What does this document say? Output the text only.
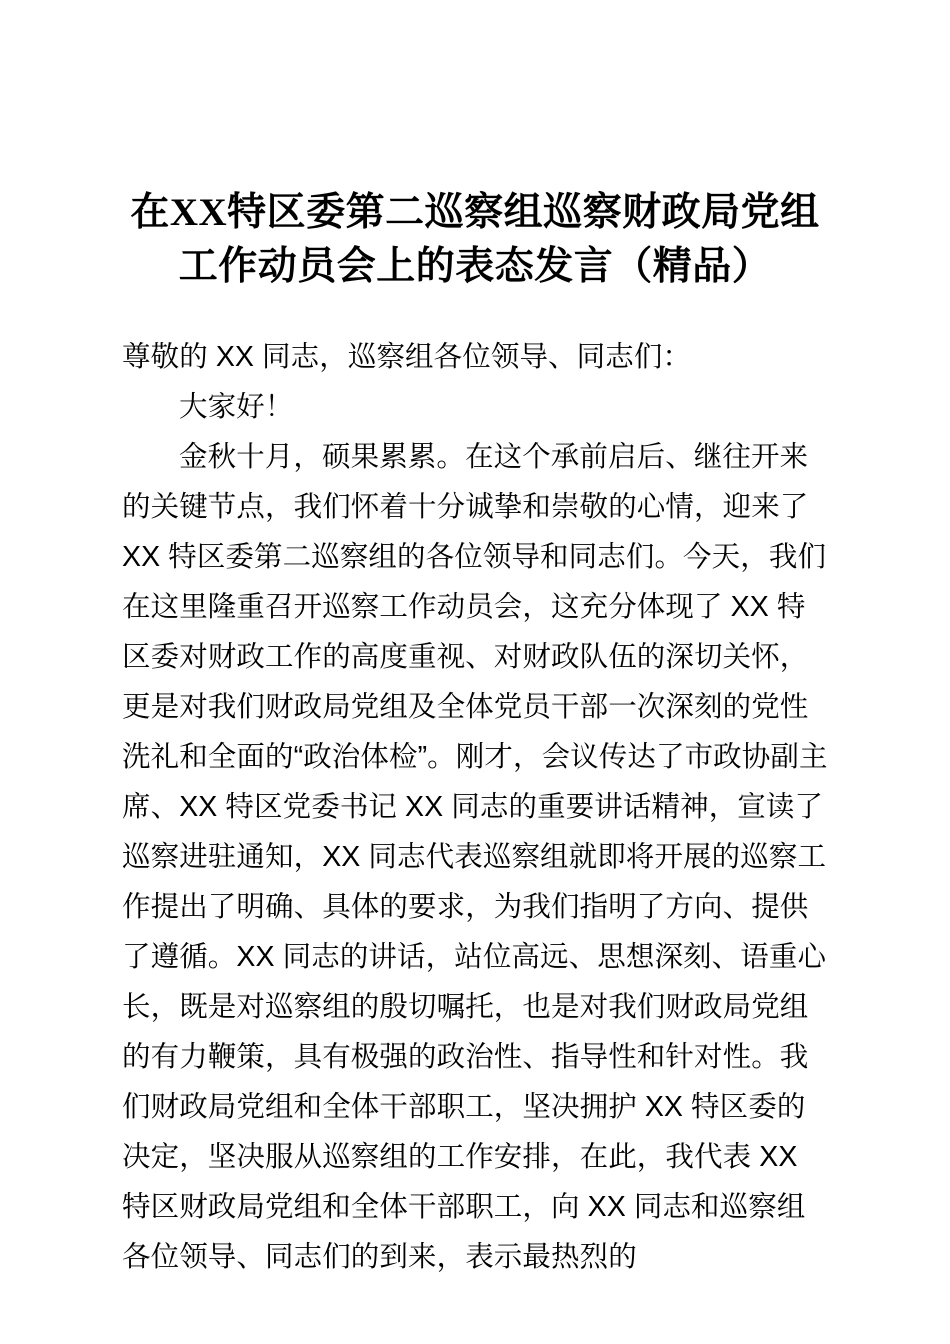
在XX特区委第二巡察组巡察财政局党组
工作动员会上的表态发言（精品）

尊敬的 XX 同志，巡察组各位领导、同志们：

大家好！

金秋十月，硕果累累。在这个承前启后、继往开来的关键节点，我们怀着十分诚挚和崇敬的心情，迎来了 XX 特区委第二巡察组的各位领导和同志们。今天，我们在这里隆重召开巡察工作动员会，这充分体现了 XX 特区委对财政工作的高度重视、对财政队伍的深切关怀，更是对我们财政局党组及全体党员干部一次深刻的党性洗礼和全面的“政治体检”。刚才，会议传达了市政协副主席、XX 特区党委书记 XX 同志的重要讲话精神，宣读了巡察进驻通知，XX 同志代表巡察组就即将开展的巡察工作提出了明确、具体的要求，为我们指明了方向、提供了遵循。XX 同志的讲话，站位高远、思想深刻、语重心长，既是对巡察组的殷切嘱托，也是对我们财政局党组的有力鞭策，具有极强的政治性、指导性和针对性。我们财政局党组和全体干部职工，坚决拥护 XX 特区委的决定，坚决服从巡察组的工作安排，在此，我代表 XX 特区财政局党组和全体干部职工，向 XX 同志和巡察组各位领导、同志们的到来，表示最热烈的
